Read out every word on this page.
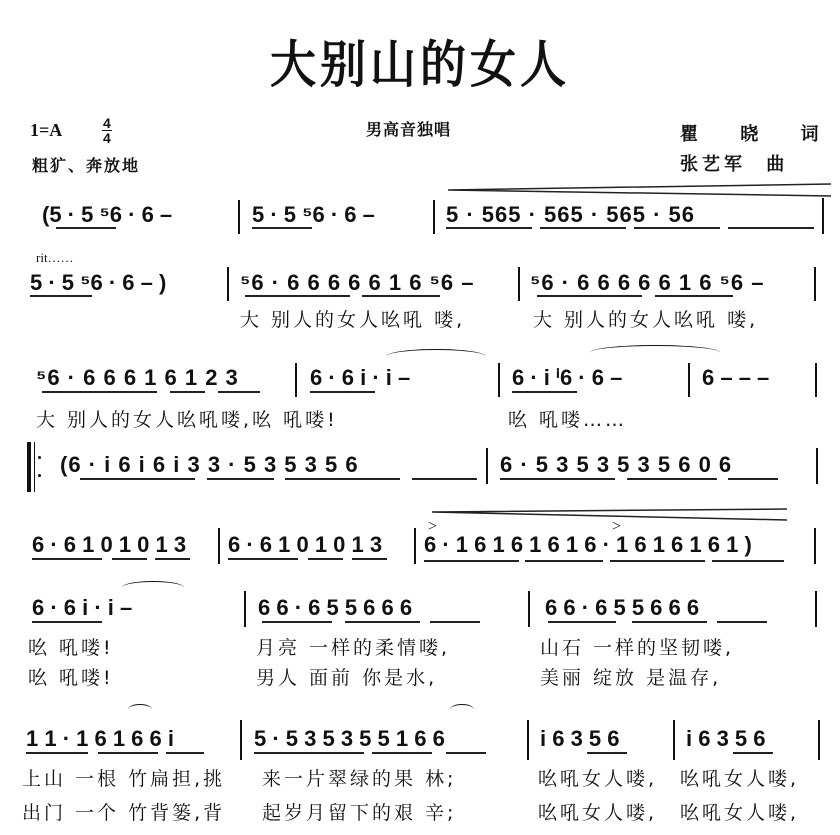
大别山的女人
1=A	4
4
粗犷、奔放地
男高音独唱	瞿 晓 词
张艺军 曲
(5 · 5 ⁵6 · 6 –	5 · 5 ⁵6 · 6 –	5 · 565 · 565 · 565 · 56
rit……
5 · 5 ⁵6 · 6 – )	⁵6 · 6 6 6 6 6 1 6 ⁵6 –	⁵6 · 6 6 6 6 6 1 6 ⁵6 –
大 别人的女人吆吼 喽,	大 别人的女人吆吼 喽,
⁵6 · 6 6 6 1 6 1 2 3	6 · 6 i · i –	6 · i ⁱ6 · 6 –	6 – – –
大 别人的女人吆吼喽,吆 吼喽!	吆 吼喽……
(6 · i 6 i 6 i 3 3 · 5 3 5 3 5 6	6 · 5 3 5 3 5 3 5 6 0 6
>	>
6 · 6 1 0 1 0 1 3 6 · 6 1 0 1 0 1 3 6 · 1 6 1 6 1 6 1 6 · 1 6 1 6 1 6 1 )
6 · 6 i · i –	6 6 · 6 5 5 6 6 6	6 6 · 6 5 5 6 6 6
吆 吼喽!	月亮 一样的柔情喽,	山石 一样的坚韧喽,
吆 吼喽!	男人 面前 你是水,	美丽 绽放 是温存,
1 1 · 1 6 1 6 6 i	5 · 5 3 5 3 5 5 1 6 6	i 6 3 5 6	i 6 3 5 6
上山 一根 竹扁担,挑 来一片翠绿的果 林;	吆吼女人喽, 吆吼女人喽,
出门 一个 竹背篓,背 起岁月留下的艰 辛;	吆吼女人喽, 吆吼女人喽,
